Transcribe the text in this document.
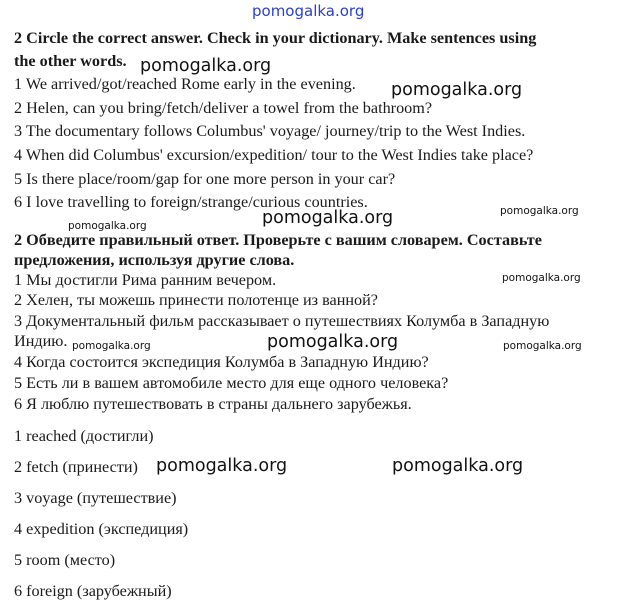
pomogalka.org
2 Circle the correct answer. Check in your dictionary. Make sentences using
the other words.
1 We arrived/got/reached Rome early in the evening.
2 Helen, can you bring/fetch/deliver a towel from the bathroom?
3 The documentary follows Columbus' voyage/ journey/trip to the West Indies.
4 When did Columbus' excursion/expedition/ tour to the West Indies take place?
5 Is there place/room/gap for one more person in your car?
6 I love travelling to foreign/strange/curious countries.
2 Обведите правильный ответ. Проверьте с вашим словарем. Составьте
предложения, используя другие слова.
1 Мы достигли Рима ранним вечером.
2 Хелен, ты можешь принести полотенце из ванной?
3 Документальный фильм рассказывает о путешествиях Колумба в Западную
Индию.
4 Когда состоится экспедиция Колумба в Западную Индию?
5 Есть ли в вашем автомобиле место для еще одного человека?
6 Я люблю путешествовать в страны дальнего зарубежья.
1 reached (достигли)
2 fetch (принести)
3 voyage (путешествие)
4 expedition (экспедиция)
5 room (место)
6 foreign (зарубежный)
pomogalka.org
pomogalka.org
pomogalka.org	pomogalka.org
pomogalka.org
pomogalka.org
pomogalka.org
pomogalka.org	pomogalka.org
pomogalka.org	pomogalka.org
